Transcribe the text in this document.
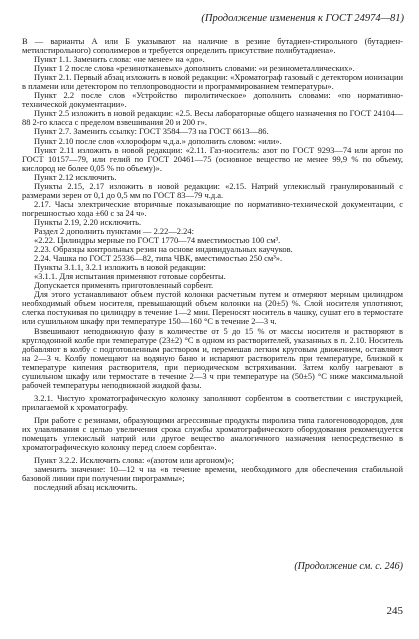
(Продолжение изменения к ГОСТ 24974—81)

В — варианты А или Б указывают на наличие в резине бутадиен-стирольного (бутадиен-метилстирольного) сополимеров и требуется определить присутствие полибутадиена».

Пункт 1.1. Заменить слова: «не менее» на «до».

Пункт 1 2 после слова «резинотканевых» дополнить словами: «и резинометаллических».

Пункт 2.1. Первый абзац изложить в новой редакции: «Хроматограф газовый с детектором ионизации в пламени или детектором по теплопроводности и программированием температуры».

Пункт 2.2 после слов «Устройство пиролитическое» дополнить словами: «по нормативно-технической документации».

Пункт 2.5 изложить в новой редакции: «2.5. Весы лабораторные общего назначения по ГОСТ 24104—88 2-го класса с пределом взвешивания 20 и 200 г».

Пункт 2.7. Заменить ссылку: ГОСТ 3584—73 на ГОСТ 6613—86.

Пункт 2.10 после слов «хлороформ ч.д.а.» дополнить словом: «или».

Пункт 2.11 изложить в новой редакции: «2.11. Газ-носитель: азот по ГОСТ 9293—74 или аргон по ГОСТ 10157—79, или гелий по ГОСТ 20461—75 (основное вещество не менее 99,9 % по объему, кислород не более 0,05 % по объему)».

Пункт 2.12 исключить.

Пункты 2.15, 2.17 изложить в новой редакции: «2.15. Натрий углекислый гранулированный с размерами зерен от 0,1 до 0,5 мм по ГОСТ 83—79 ч.д.а.

2.17. Часы электрические вторичные показывающие по нормативно-технической документации, с погрешностью хода ±60 с за 24 ч».

Пункты 2.19, 2.20 исключить.

Раздел 2 дополнить пунктами — 2.22—2.24:

«2.22. Цилиндры мерные по ГОСТ 1770—74 вместимостью 100 см³.

2.23. Образцы контрольных резин на основе индивидуальных каучуков.

2.24. Чашка по ГОСТ 25336—82, типа ЧВК, вместимостью 250 см³».

Пункты 3.1.1, 3.2.1 изложить в новой редакции:

«3.1.1. Для испытания применяют готовые сорбенты.

Допускается применять приготовленный сорбент.

Для этого устанавливают объем пустой колонки расчетным путем и отмеряют мерным цилиндром необходимый объем носителя, превышающий объем колонки на (20±5) %. Слой носителя уплотняют, слегка постукивая по цилиндру в течение 1—2 мин. Переносят носитель в чашку, сушат его в термостате или сушильном шкафу при температуре 150—160 °С в течение 2—3 ч.

Взвешивают неподвижную фазу в количестве от 5 до 15 % от массы носителя и растворяют в круглодонной колбе при температуре (23±2) °С в одном из растворителей, указанных в п. 2.10. Носитель добавляют в колбу с подготовленным раствором и, перемешав легким круговым движением, оставляют на 2—3 ч. Колбу помещают на водяную баню и испаряют растворитель при температуре, близкой к температуре кипения растворителя, при периодическом встряхивании. Затем колбу нагревают в сушильном шкафу или термостате в течение 2—3 ч при температуре на (50±5) °С ниже максимальной рабочей температуры неподвижной жидкой фазы.

3.2.1. Чистую хроматографическую колонку заполняют сорбентом в соответствии с инструкцией, прилагаемой к хроматографу.

При работе с резинами, образующими агрессивные продукты пиролиза типа галогеноводородов, для их улавливания с целью увеличения срока службы хроматографического оборудования рекомендуется помещать углекислый натрий или другое вещество аналогичного назначения непосредственно в хроматографическую колонку перед слоем сорбента».

Пункт 3.2.2. Исключить слова: «(азотом или аргоном)»;

заменить значение: 10—12 ч на «в течение времени, необходимого для обеспечения стабильной базовой линии при получении пирограммы»;

последний абзац исключить.

(Продолжение см. с. 246)
245
